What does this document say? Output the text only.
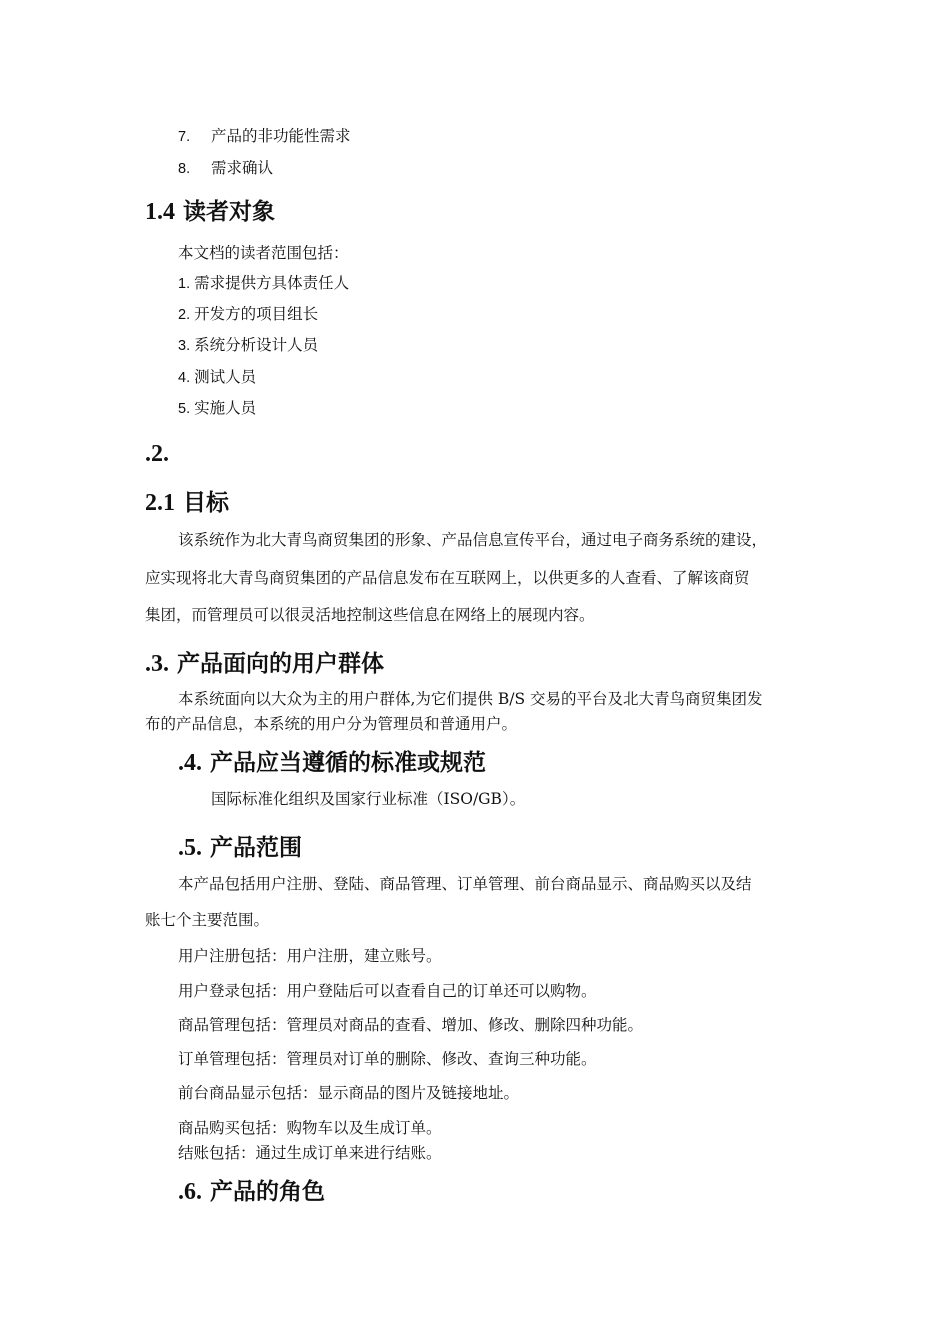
7. 产品的非功能性需求
8. 需求确认
1.4 读者对象
本文档的读者范围包括：
1. 需求提供方具体责任人
2. 开发方的项目组长
3. 系统分析设计人员
4. 测试人员
5. 实施人员
.2.
2.1 目标
该系统作为北大青鸟商贸集团的形象、产品信息宣传平台，通过电子商务系统的建设，
应实现将北大青鸟商贸集团的产品信息发布在互联网上，以供更多的人查看、了解该商贸
集团，而管理员可以很灵活地控制这些信息在网络上的展现内容。
.3. 产品面向的用户群体
本系统面向以大众为主的用户群体,为它们提供 B/S 交易的平台及北大青鸟商贸集团发
布的产品信息，本系统的用户分为管理员和普通用户。
.4. 产品应当遵循的标准或规范
国际标准化组织及国家行业标准（ISO/GB）。
.5. 产品范围
本产品包括用户注册、登陆、商品管理、订单管理、前台商品显示、商品购买以及结
账七个主要范围。
用户注册包括：用户注册，建立账号。
用户登录包括：用户登陆后可以查看自己的订单还可以购物。
商品管理包括：管理员对商品的查看、增加、修改、删除四种功能。
订单管理包括：管理员对订单的删除、修改、查询三种功能。
前台商品显示包括：显示商品的图片及链接地址。
商品购买包括：购物车以及生成订单。
结账包括：通过生成订单来进行结账。
.6. 产品的角色
